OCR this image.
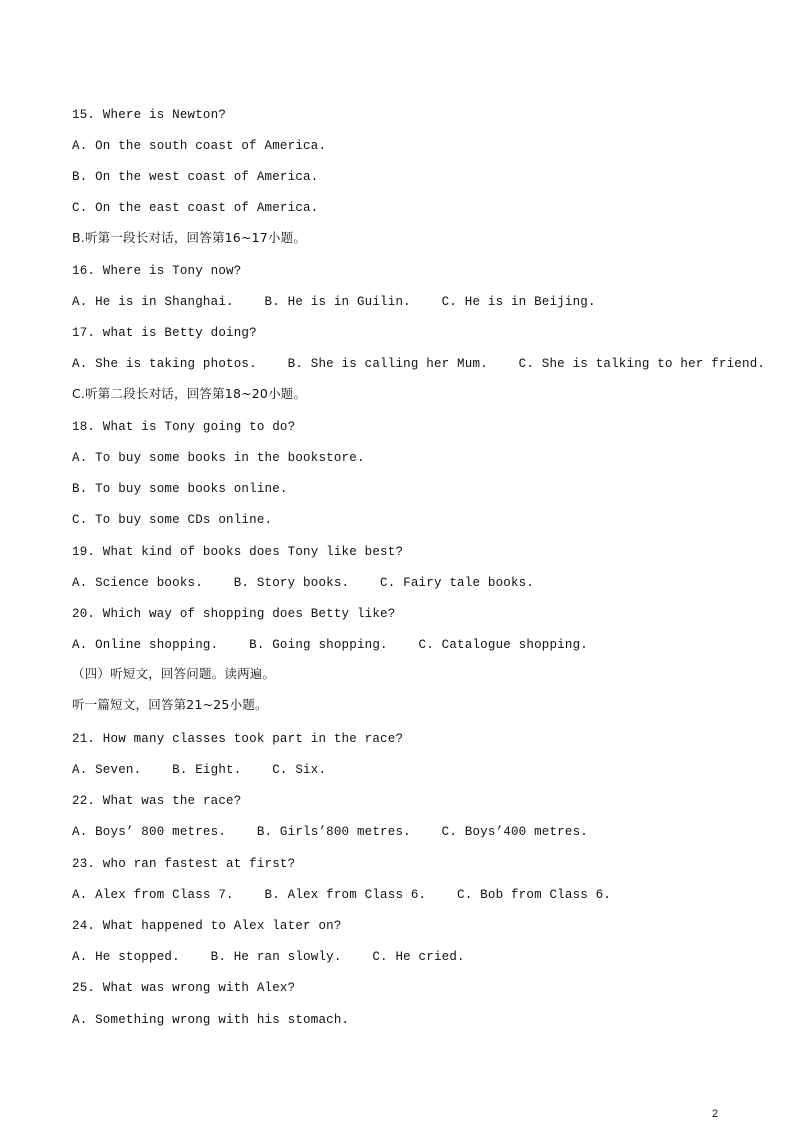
15. Where is Newton?
A. On the south coast of America.
B. On the west coast of America.
C. On the east coast of America.
B.听第一段长对话，回答第16~17小题。
16. Where is Tony now?
A. He is in Shanghai.    B. He is in Guilin.    C. He is in Beijing.
17. what is Betty doing?
A. She is taking photos.    B. She is calling her Mum.    C. She is talking to her friend.
C.听第二段长对话，回答第18~20小题。
18. What is Tony going to do?
A. To buy some books in the bookstore.
B. To buy some books online.
C. To buy some CDs online.
19. What kind of books does Tony like best?
A. Science books.    B. Story books.    C. Fairy tale books.
20. Which way of shopping does Betty like?
A. Online shopping.    B. Going shopping.    C. Catalogue shopping.
（四）听短文，回答问题。读两遍。
听一篇短文，回答第21~25小题。
21. How many classes took part in the race?
A. Seven.    B. Eight.    C. Six.
22. What was the race?
A. Boys’ 800 metres.    B. Girls’800 metres.    C. Boys’400 metres.
23. who ran fastest at first?
A. Alex from Class 7.    B. Alex from Class 6.    C. Bob from Class 6.
24. What happened to Alex later on?
A. He stopped.    B. He ran slowly.    C. He cried.
25. What was wrong with Alex?
A. Something wrong with his stomach.
2
